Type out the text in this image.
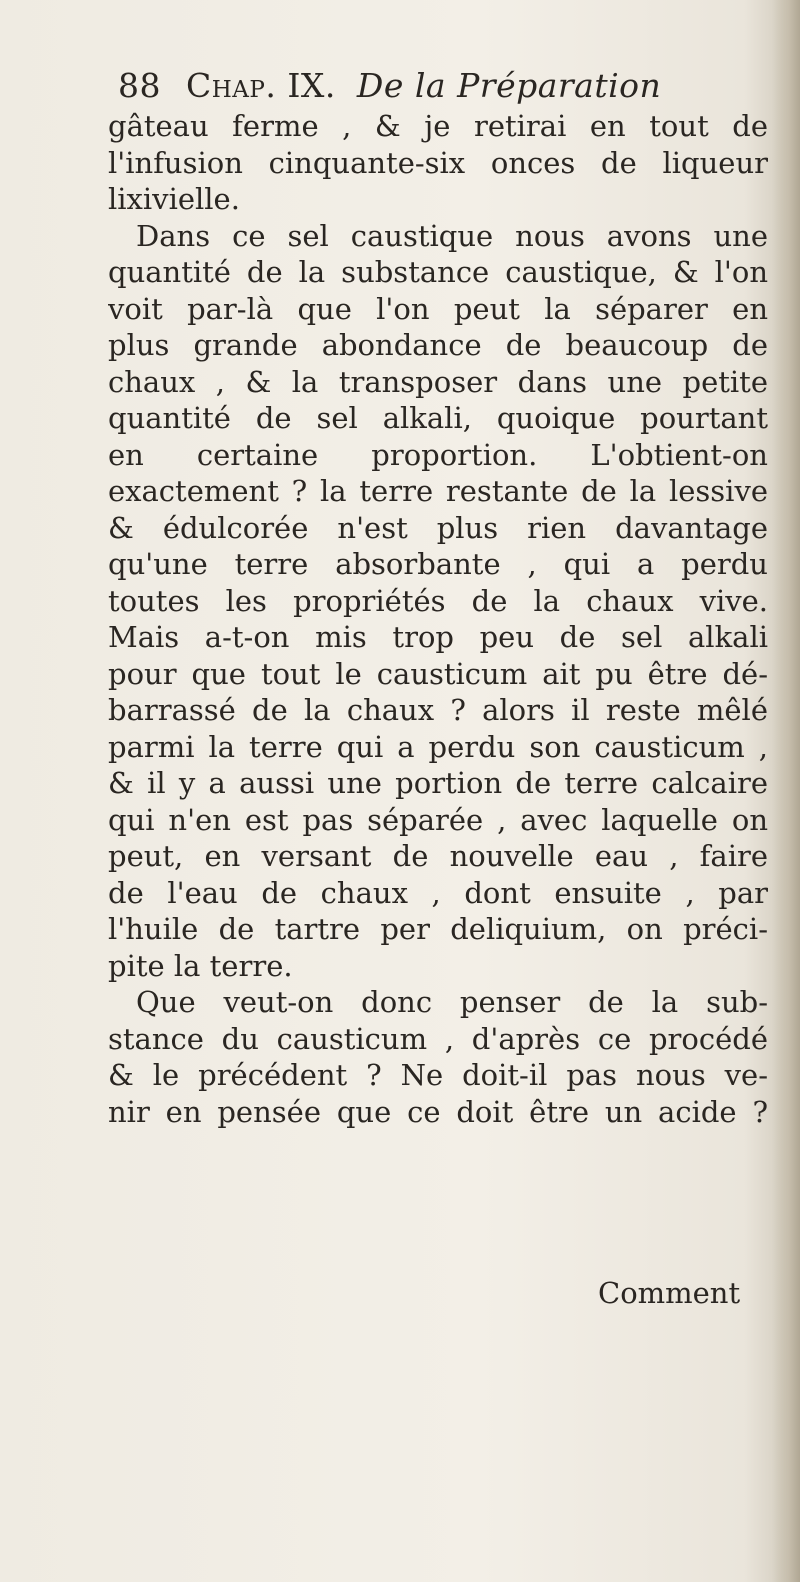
88 Chap. IX. De la Préparation
gâteau ferme , & je retirai en tout de
l'infusion cinquante-six onces de liqueur
lixivielle.
Dans ce sel caustique nous avons une
quantité de la substance caustique, & l'on
voit par-là que l'on peut la séparer en
plus grande abondance de beaucoup de
chaux , & la transposer dans une petite
quantité de sel alkali, quoique pourtant
en certaine proportion. L'obtient-on
exactement ? la terre restante de la lessive
& édulcorée n'est plus rien davantage
qu'une terre absorbante , qui a perdu
toutes les propriétés de la chaux vive.
Mais a-t-on mis trop peu de sel alkali
pour que tout le causticum ait pu être dé-
barrassé de la chaux ? alors il reste mêlé
parmi la terre qui a perdu son causticum ,
& il y a aussi une portion de terre calcaire
qui n'en est pas séparée , avec laquelle on
peut, en versant de nouvelle eau , faire
de l'eau de chaux , dont ensuite , par
l'huile de tartre per deliquium, on préci-
pite la terre.
Que veut-on donc penser de la sub-
stance du causticum , d'après ce procédé
& le précédent ? Ne doit-il pas nous ve-
nir en pensée que ce doit être un acide ?
Comment
